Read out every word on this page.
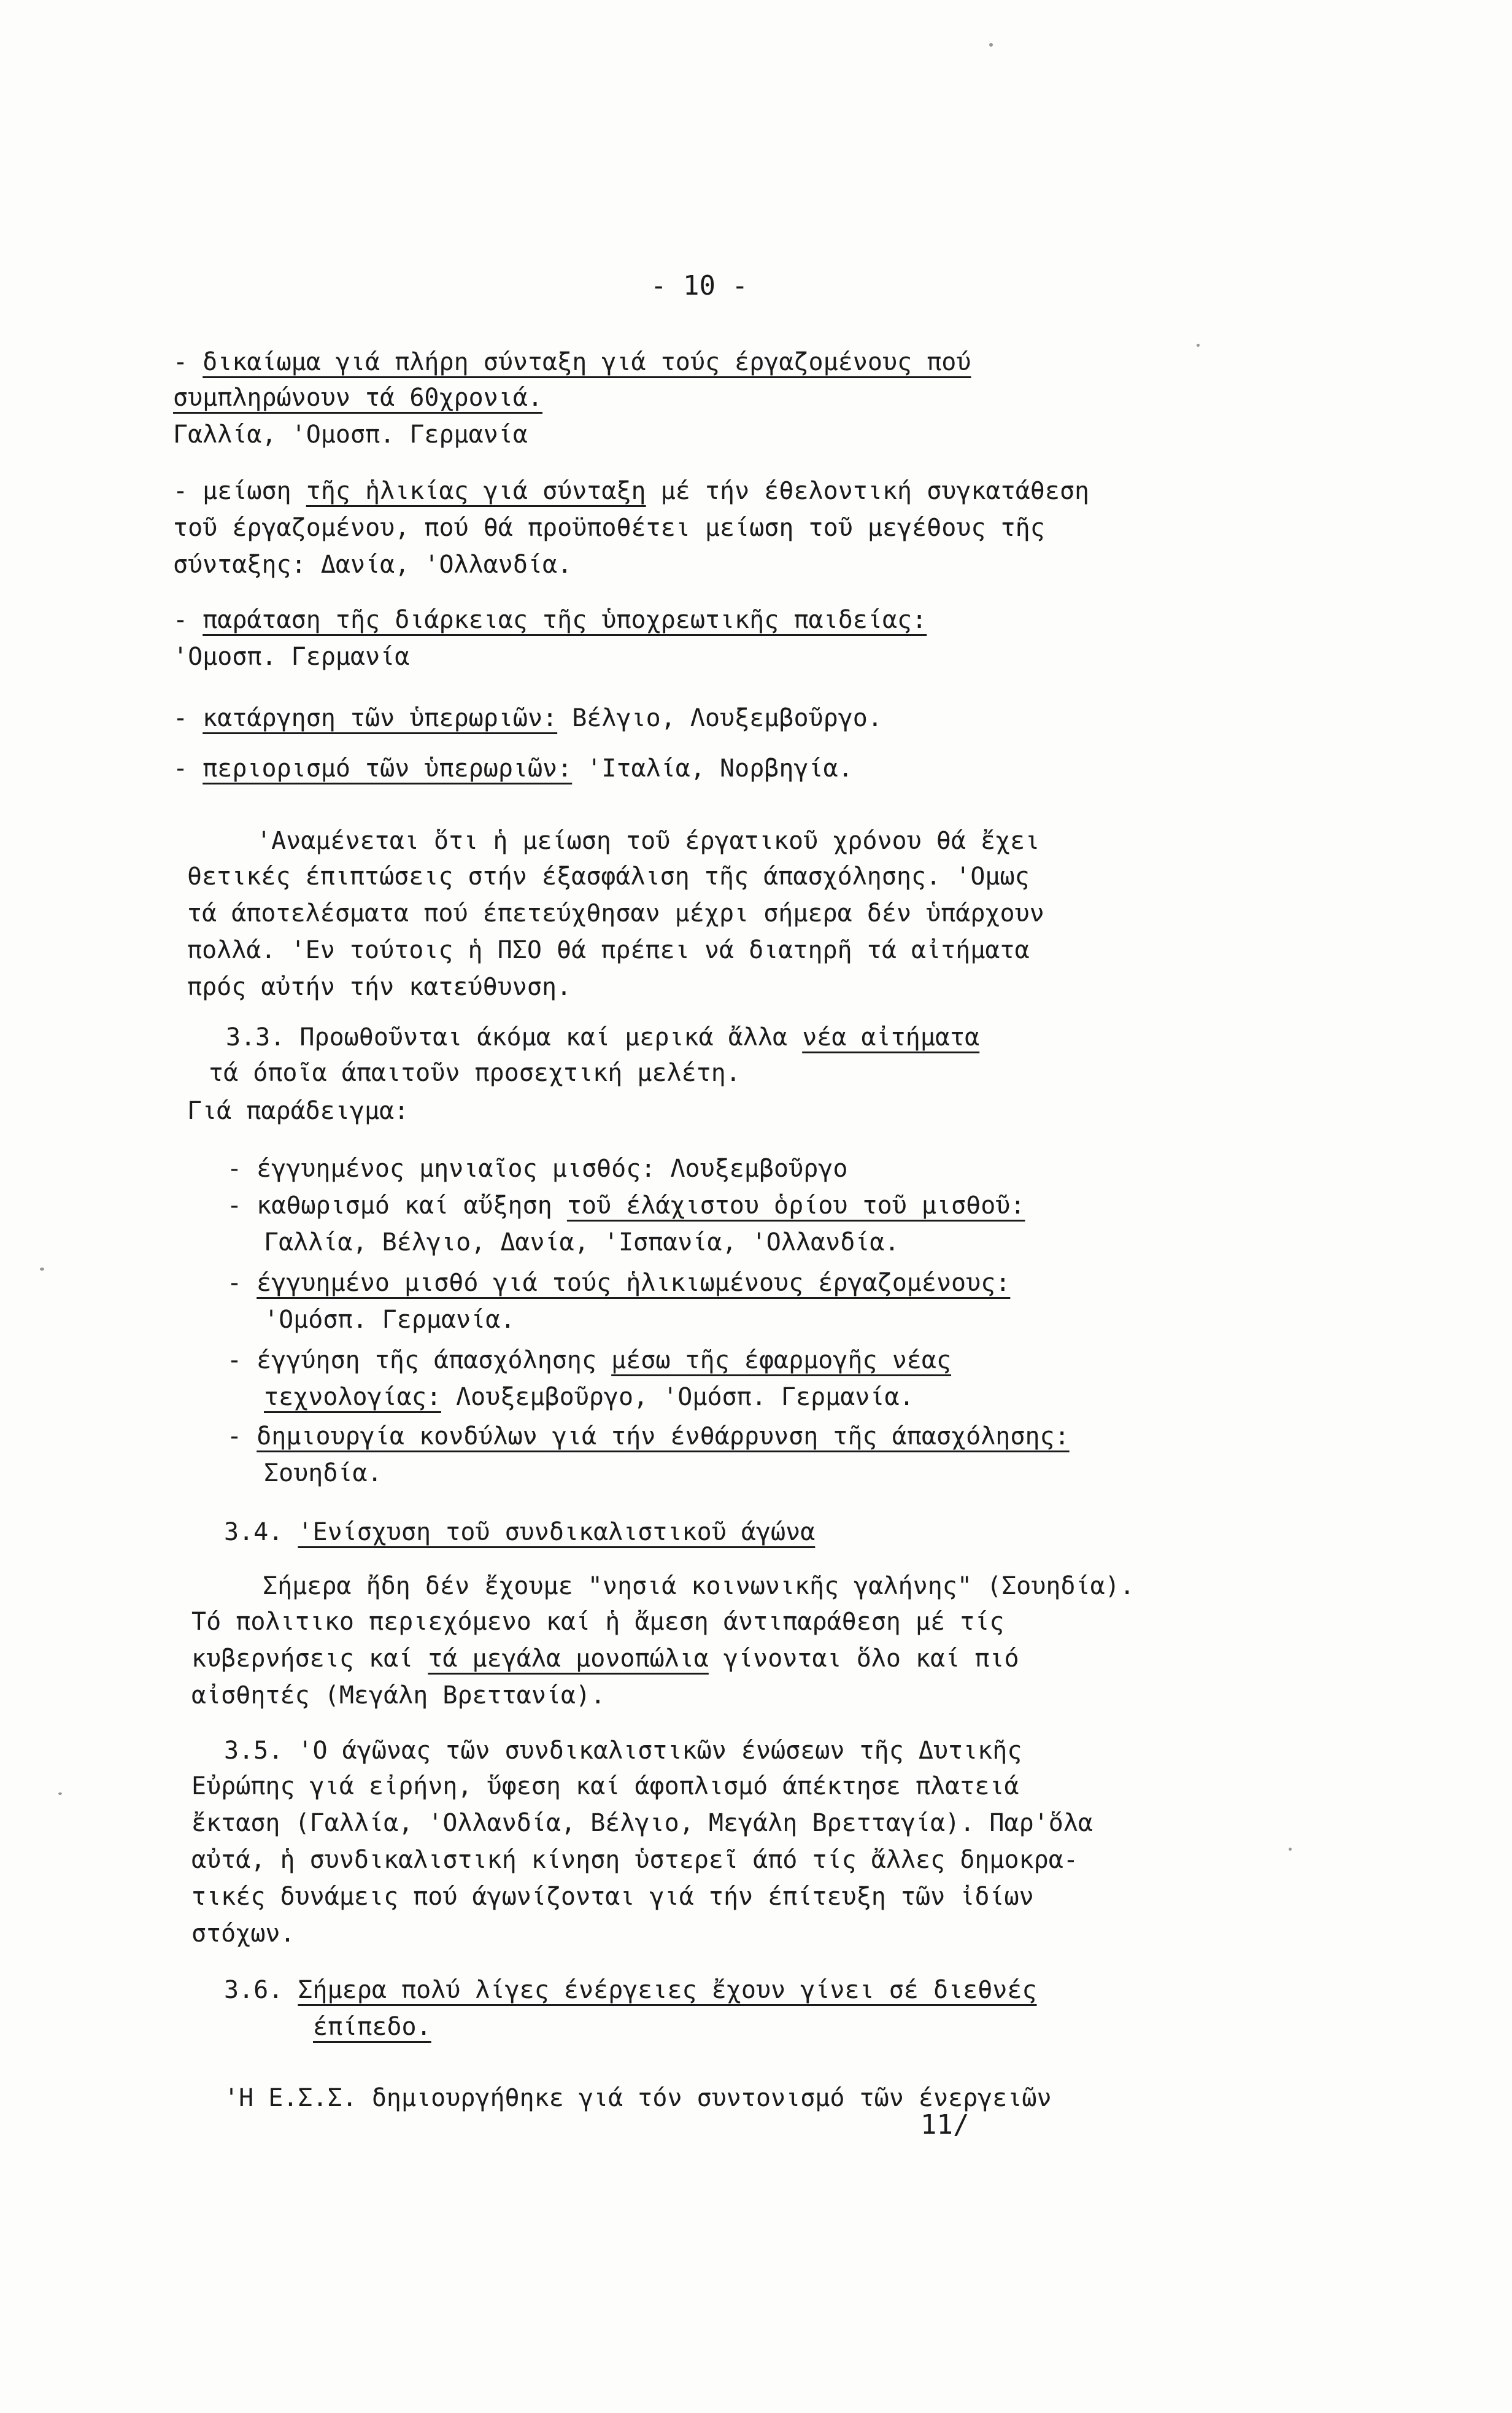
- 10 -
- δικαίωμα γιά πλήρη σύνταξη γιά τούς έργαζομένους πού
συμπληρώνουν τά 60χρονιά.
Γαλλία, 'Ομοσπ. Γερμανία
- μείωση τῆς ἡλικίας γιά σύνταξη μέ τήν έθελοντική συγκατάθεση
τοῦ έργαζομένου, πού θά προϋποθέτει μείωση τοῦ μεγέθους τῆς
σύνταξης: Δανία, 'Ολλανδία.
- παράταση τῆς διάρκειας τῆς ὑποχρεωτικῆς παιδείας:
'Ομοσπ. Γερμανία
- κατάργηση τῶν ὑπερωριῶν: Βέλγιο, Λουξεμβοῦργο.
- περιορισμό τῶν ὑπερωριῶν: 'Ιταλία, Νορβηγία.
'Αναμένεται ὅτι ἡ μείωση τοῦ έργατικοῦ χρόνου θά ἔχει
θετικές έπιπτώσεις στήν έξασφάλιση τῆς άπασχόλησης. 'Ομως
τά άποτελέσματα πού έπετεύχθησαν μέχρι σήμερα δέν ὑπάρχουν
πολλά. 'Εν τούτοις ἡ ΠΣΟ θά πρέπει νά διατηρῆ τά αἰτήματα
πρός αὐτήν τήν κατεύθυνση.
3.3. Προωθοῦνται άκόμα καί μερικά ἄλλα νέα αἰτήματα
τά όποῖα άπαιτοῦν προσεχτική μελέτη.
Γιά παράδειγμα:
- έγγυημένος μηνιαῖος μισθός: Λουξεμβοῦργο
- καθωρισμό καί αὔξηση τοῦ έλάχιστου ὁρίου τοῦ μισθοῦ:
Γαλλία, Βέλγιο, Δανία, 'Ισπανία, 'Ολλανδία.
- έγγυημένο μισθό γιά τούς ἡλικιωμένους έργαζομένους:
'Ομόσπ. Γερμανία.
- έγγύηση τῆς άπασχόλησης μέσω τῆς έφαρμογῆς νέας
τεχνολογίας: Λουξεμβοῦργο, 'Ομόσπ. Γερμανία.
- δημιουργία κονδύλων γιά τήν ένθάρρυνση τῆς άπασχόλησης:
Σουηδία.
3.4. 'Ενίσχυση τοῦ συνδικαλιστικοῦ άγώνα
Σήμερα ἤδη δέν ἔχουμε "νησιά κοινωνικῆς γαλήνης" (Σουηδία).
Τό πολιτικο περιεχόμενο καί ἡ ἄμεση άντιπαράθεση μέ τίς
κυβερνήσεις καί τά μεγάλα μονοπώλια γίνονται ὅλο καί πιό
αἰσθητές (Μεγάλη Βρεττανία).
3.5. 'Ο άγῶνας τῶν συνδικαλιστικῶν ένώσεων τῆς Δυτικῆς
Εὐρώπης γιά εἰρήνη, ὕφεση καί άφοπλισμό άπέκτησε πλατειά
ἔκταση (Γαλλία, 'Ολλανδία, Βέλγιο, Μεγάλη Βρετταγία). Παρ'ὅλα
αὐτά, ἡ συνδικαλιστική κίνηση ὑστερεῖ άπό τίς ἄλλες δημοκρα-
τικές δυνάμεις πού άγωνίζονται γιά τήν έπίτευξη τῶν ἰδίων
στόχων.
3.6. Σήμερα πολύ λίγες ένέργειες ἔχουν γίνει σέ διεθνές
έπίπεδο.
'Η Ε.Σ.Σ. δημιουργήθηκε γιά τόν συντονισμό τῶν ένεργειῶν
11/
